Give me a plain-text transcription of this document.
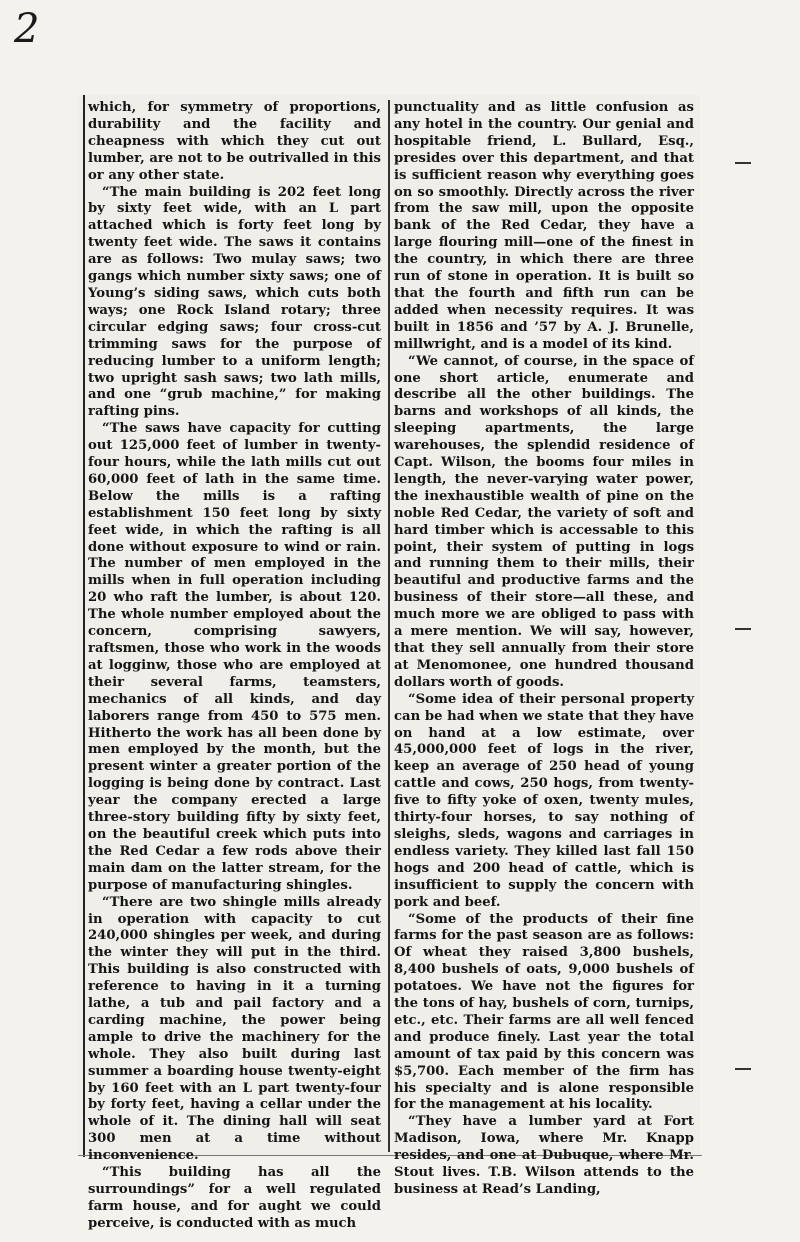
2

which, for symmetry of proportions, durability and the facility and cheapness with which they cut out lumber, are not to be outrivalled in this or any other state.

“The main building is 202 feet long by sixty feet wide, with an L part attached which is forty feet long by twenty feet wide. The saws it contains are as follows: Two mulay saws; two gangs which number sixty saws; one of Young’s siding saws, which cuts both ways; one Rock Island rotary; three circular edging saws; four cross-cut trimming saws for the purpose of reducing lumber to a uniform length; two upright sash saws; two lath mills, and one “grub machine,” for making rafting pins.

“The saws have capacity for cutting out 125,000 feet of lumber in twenty-four hours, while the lath mills cut out 60,000 feet of lath in the same time. Below the mills is a rafting establishment 150 feet long by sixty feet wide, in which the rafting is all done without exposure to wind or rain. The number of men employed in the mills when in full operation including 20 who raft the lumber, is about 120. The whole number employed about the concern, comprising sawyers, raftsmen, those who work in the woods at logginw, those who are employed at their several farms, teamsters, mechanics of all kinds, and day laborers range from 450 to 575 men. Hitherto the work has all been done by men employed by the month, but the present winter a greater portion of the logging is being done by contract. Last year the company erected a large three-story building fifty by sixty feet, on the beautiful creek which puts into the Red Cedar a few rods above their main dam on the latter stream, for the purpose of manufacturing shingles.

“There are two shingle mills already in operation with capacity to cut 240,000 shingles per week, and during the winter they will put in the third. This building is also constructed with reference to having in it a turning lathe, a tub and pail factory and a carding machine, the power being ample to drive the machinery for the whole. They also built during last summer a boarding house twenty-eight by 160 feet with an L part twenty-four by forty feet, having a cellar under the whole of it. The dining hall will seat 300 men at a time without inconvenience.

“This building has all the surroundings” for a well regulated farm house, and for aught we could perceive, is conducted with as much

punctuality and as little confusion as any hotel in the country. Our genial and hospitable friend, L. Bullard, Esq., presides over this department, and that is sufficient reason why everything goes on so smoothly. Directly across the river from the saw mill, upon the opposite bank of the Red Cedar, they have a large flouring mill—one of the finest in the country, in which there are three run of stone in operation. It is built so that the fourth and fifth run can be added when necessity requires. It was built in 1856 and ’57 by A. J. Brunelle, millwright, and is a model of its kind.

“We cannot, of course, in the space of one short article, enumerate and describe all the other buildings. The barns and workshops of all kinds, the sleeping apartments, the large warehouses, the splendid residence of Capt. Wilson, the booms four miles in length, the never-varying water power, the inexhaustible wealth of pine on the noble Red Cedar, the variety of soft and hard timber which is accessable to this point, their system of putting in logs and running them to their mills, their beautiful and productive farms and the business of their store—all these, and much more we are obliged to pass with a mere mention. We will say, however, that they sell annually from their store at Menomonee, one hundred thousand dollars worth of goods.

“Some idea of their personal property can be had when we state that they have on hand at a low estimate, over 45,000,000 feet of logs in the river, keep an average of 250 head of young cattle and cows, 250 hogs, from twenty-five to fifty yoke of oxen, twenty mules, thirty-four horses, to say nothing of sleighs, sleds, wagons and carriages in endless variety. They killed last fall 150 hogs and 200 head of cattle, which is insufficient to supply the concern with pork and beef.

“Some of the products of their fine farms for the past season are as follows: Of wheat they raised 3,800 bushels, 8,400 bushels of oats, 9,000 bushels of potatoes. We have not the figures for the tons of hay, bushels of corn, turnips, etc., etc. Their farms are all well fenced and produce finely. Last year the total amount of tax paid by this concern was $5,700. Each member of the firm has his specialty and is alone responsible for the management at his locality.

“They have a lumber yard at Fort Madison, Iowa, where Mr. Knapp resides, and one at Dubuque, where Mr. Stout lives. T.B. Wilson attends to the business at Read’s Landing,
